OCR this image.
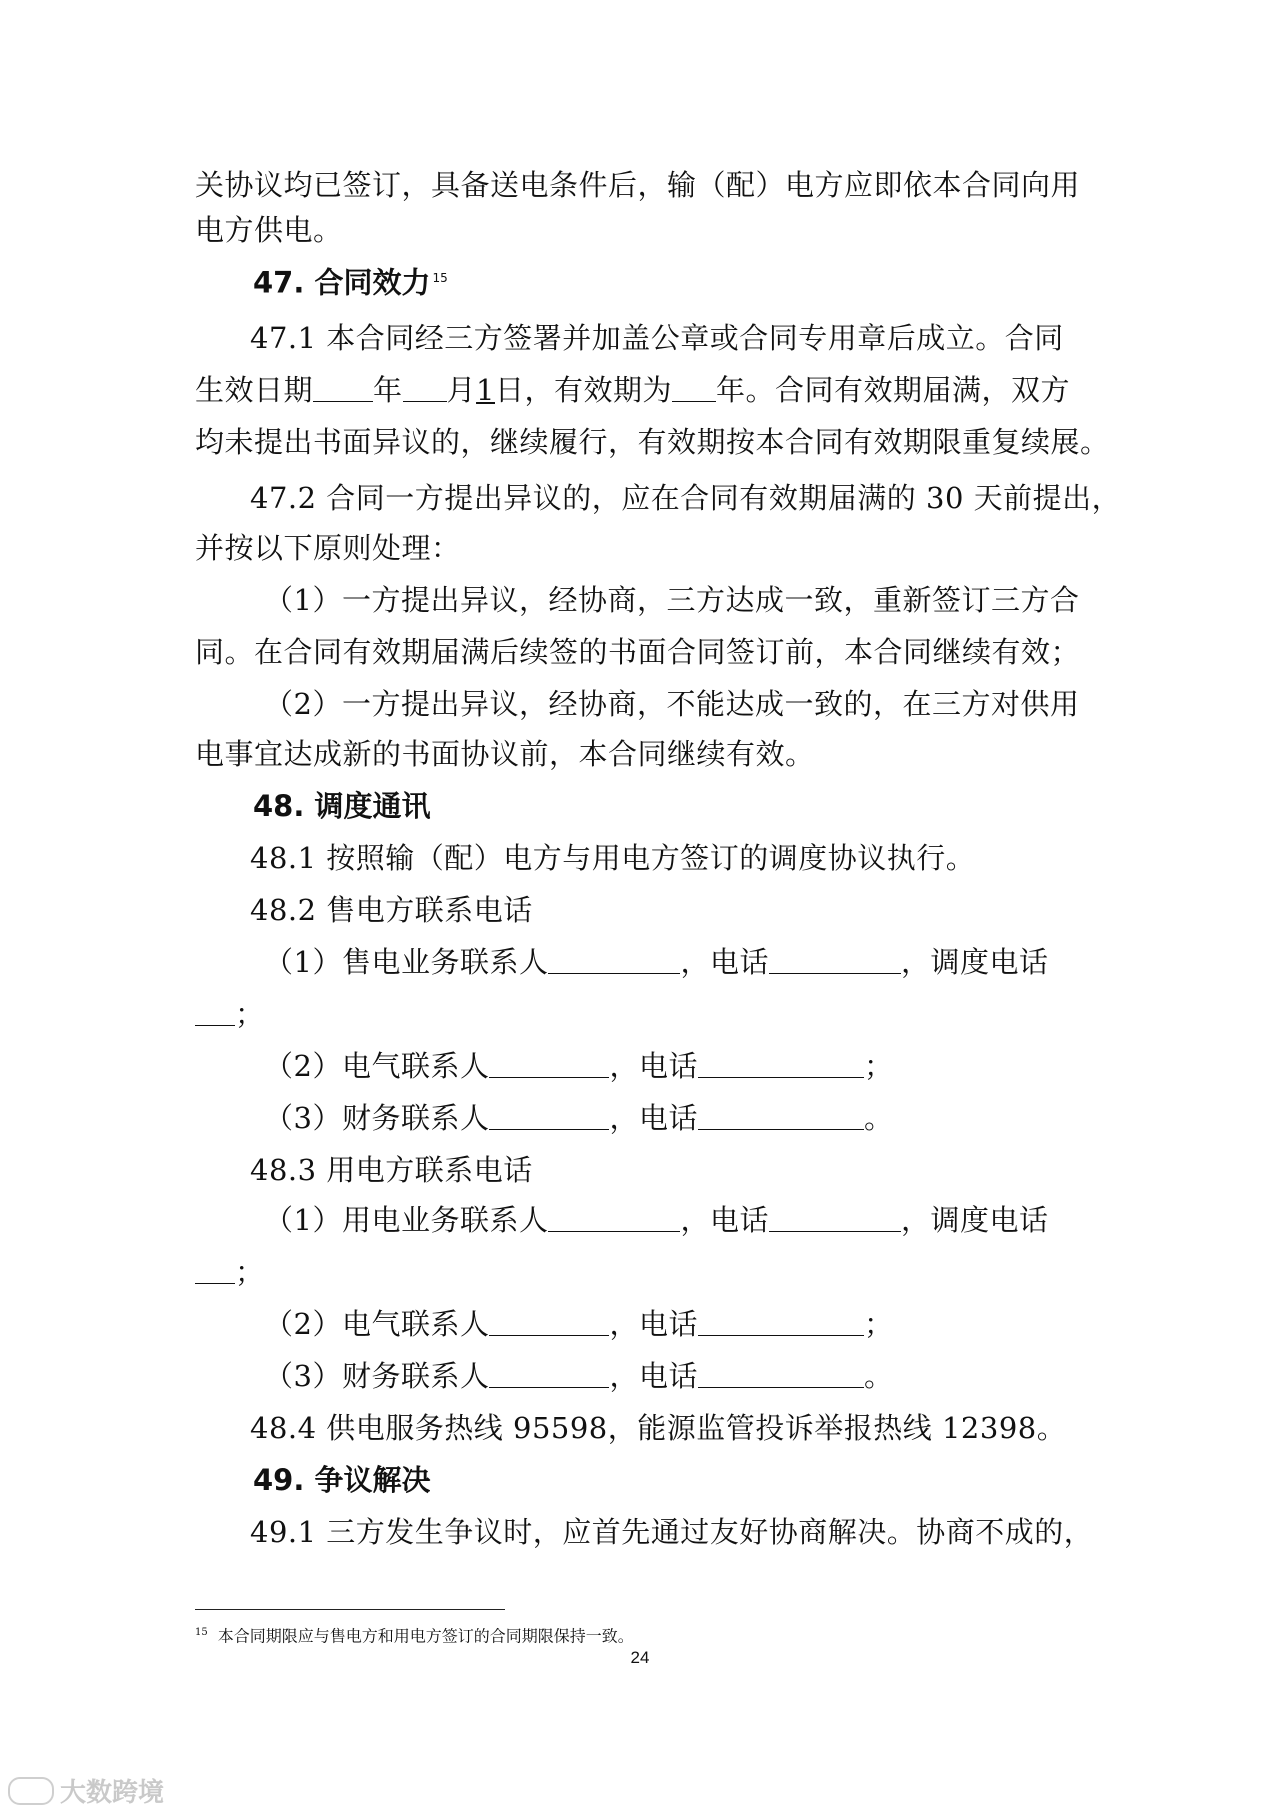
关协议均已签订，具备送电条件后，输（配）电方应即依本合同向用
电方供电。
47. 合同效力 $^{15}$
47.1 本合同经三方签署并加盖公章或合同专用章后成立。合同
生效日期 年 月1日，有效期为 年。合同有效期届满，双方
均未提出书面异议的，继续履行，有效期按本合同有效期限重复续展。
47.2 合同一方提出异议的，应在合同有效期届满的 30 天前提出，
并按以下原则处理：
（1）一方提出异议，经协商，三方达成一致，重新签订三方合
同。在合同有效期届满后续签的书面合同签订前，本合同继续有效；
（2）一方提出异议，经协商，不能达成一致的，在三方对供用
电事宜达成新的书面协议前，本合同继续有效。
48. 调度通讯
48.1 按照输（配）电方与用电方签订的调度协议执行。
48.2 售电方联系电话
（1）售电业务联系人	，电话	，调度电话
；
（2）电气联系人	，电话	；
（3）财务联系人	，电话	。
48.3 用电方联系电话
（1）用电业务联系人	，电话	，调度电话
；
（2）电气联系人	，电话	；
（3）财务联系人	，电话	。
48.4 供电服务热线 95598，能源监管投诉举报热线 12398。
49. 争议解决
49.1 三方发生争议时，应首先通过友好协商解决。协商不成的，
$^{15}$ 本合同期限应与售电方和用电方签订的合同期限保持一致。
24
大数跨境
